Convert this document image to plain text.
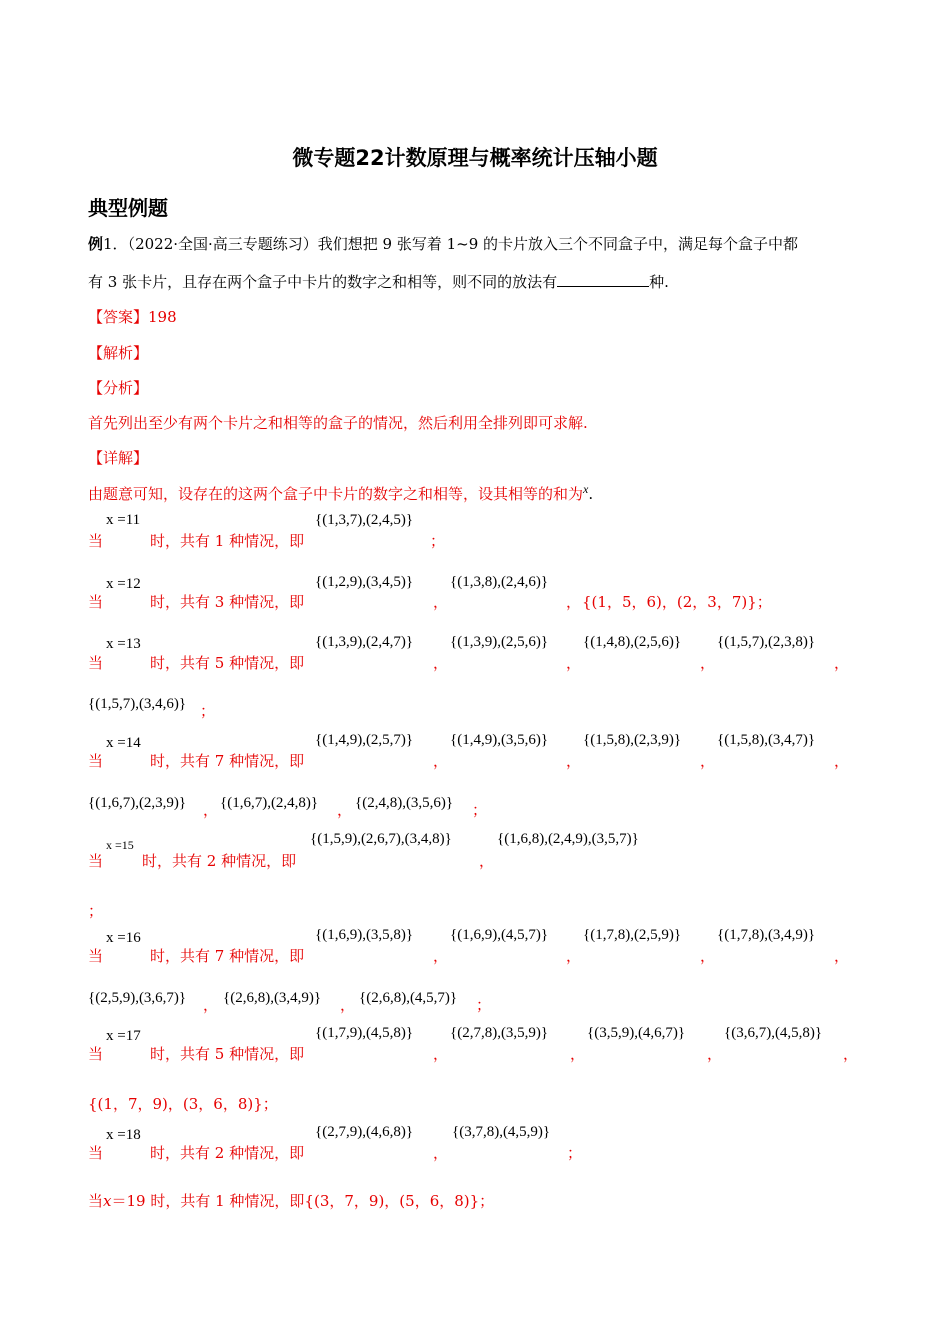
微专题22计数原理与概率统计压轴小题
典型例题
例1．（2022·全国·高三专题练习）我们想把 9 张写着 1~9 的卡片放入三个不同盒子中，满足每个盒子中都
有 3 张卡片，且存在两个盒子中卡片的数字之和相等，则不同的放法有	种.
【答案】198
【解析】
【分析】
首先列出至少有两个卡片之和相等的盒子的情况，然后利用全排列即可求解.
【详解】
由题意可知，设存在的这两个盒子中卡片的数字之和相等，设其相等的和为$^x$.
当
x =11
时，共有 1 种情况，即
{(1,3,7),(2,4,5)}
；
当
x =12
时，共有 3 种情况，即
{(1,2,9),(3,4,5)}
，
{(1,3,8),(2,4,6)}
， {(1，5，6)，(2，3，7)}；
当
x =13
时，共有 5 种情况，即
{(1,3,9),(2,4,7)}
，
{(1,3,9),(2,5,6)}
，
{(1,4,8),(2,5,6)}
，
{(1,5,7),(2,3,8)}
，
{(1,5,7),(3,4,6)} ；
当
x =14
时，共有 7 种情况，即
{(1,4,9),(2,5,7)}
，
{(1,4,9),(3,5,6)}
，
{(1,5,8),(2,3,9)}
，
{(1,5,8),(3,4,7)}
，
{(1,6,7),(2,3,9)} ， {(1,6,7),(2,4,8)} ， {(2,4,8),(3,5,6)} ；
当
x =15
时，共有 2 种情况，即
{(1,5,9),(2,6,7),(3,4,8)}
，
{(1,6,8),(2,4,9),(3,5,7)}
；
当
x =16
时，共有 7 种情况，即
{(1,6,9),(3,5,8)}
，
{(1,6,9),(4,5,7)}
，
{(1,7,8),(2,5,9)}
，
{(1,7,8),(3,4,9)}
，
{(2,5,9),(3,6,7)} ， {(2,6,8),(3,4,9)} ， {(2,6,8),(4,5,7)} ；
当
x =17
时，共有 5 种情况，即
{(1,7,9),(4,5,8)}
，
{(2,7,8),(3,5,9)}
，
{(3,5,9),(4,6,7)}
，
{(3,6,7),(4,5,8)}
，
{(1，7，9)，(3，6，8)}；
当
x =18
时，共有 2 种情况，即
{(2,7,9),(4,6,8)}
，
{(3,7,8),(4,5,9)}
；
当x＝19 时，共有 1 种情况，即{(3，7，9)，(5，6，8)}；
